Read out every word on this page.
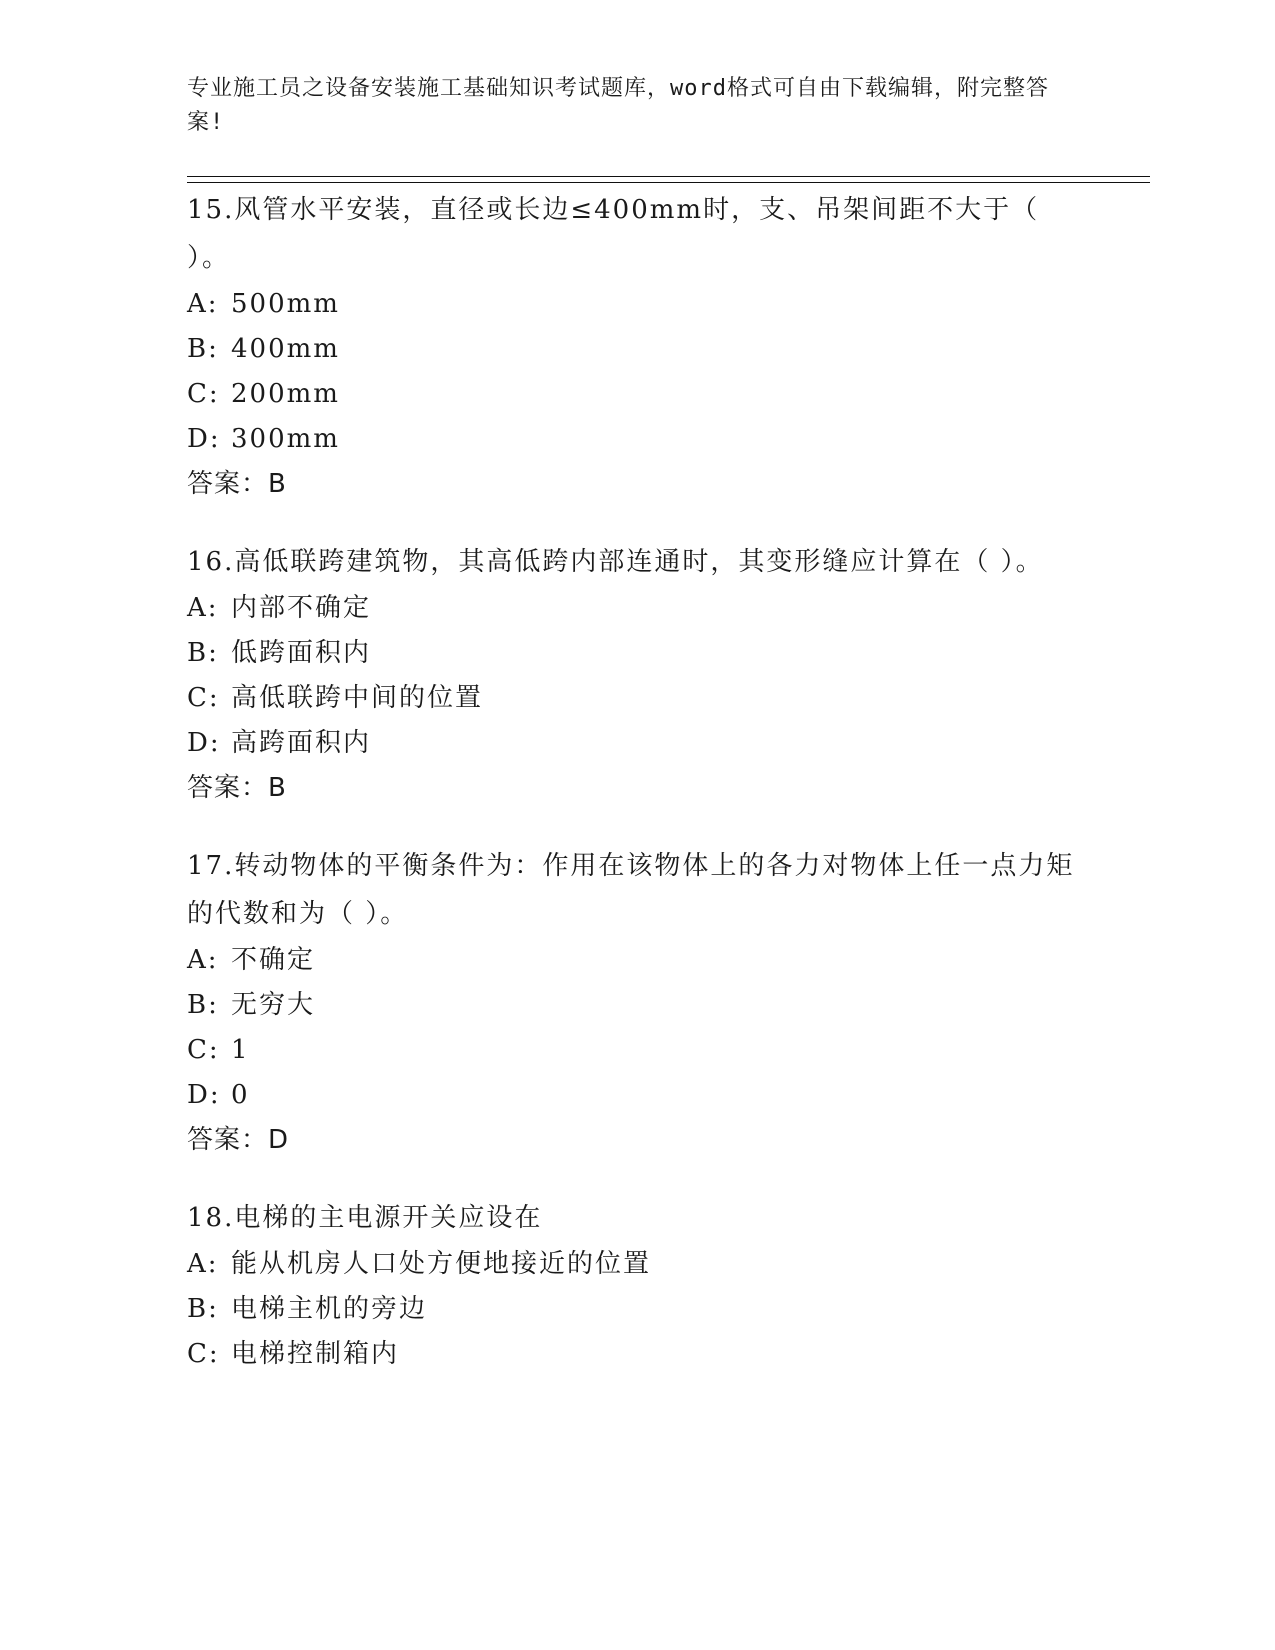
专业施工员之设备安装施工基础知识考试题库，word格式可自由下载编辑，附完整答案!
15.风管水平安装，直径或长边≤400mm时，支、吊架间距不大于（ ）。
A: 500mm
B: 400mm
C: 200mm
D: 300mm
答案：B
16.高低联跨建筑物，其高低跨内部连通时，其变形缝应计算在（ ）。
A: 内部不确定
B: 低跨面积内
C: 高低联跨中间的位置
D: 高跨面积内
答案：B
17.转动物体的平衡条件为：作用在该物体上的各力对物体上任一点力矩的代数和为（ ）。
A: 不确定
B: 无穷大
C: 1
D: 0
答案：D
18.电梯的主电源开关应设在
A: 能从机房人口处方便地接近的位置
B: 电梯主机的旁边
C: 电梯控制箱内
